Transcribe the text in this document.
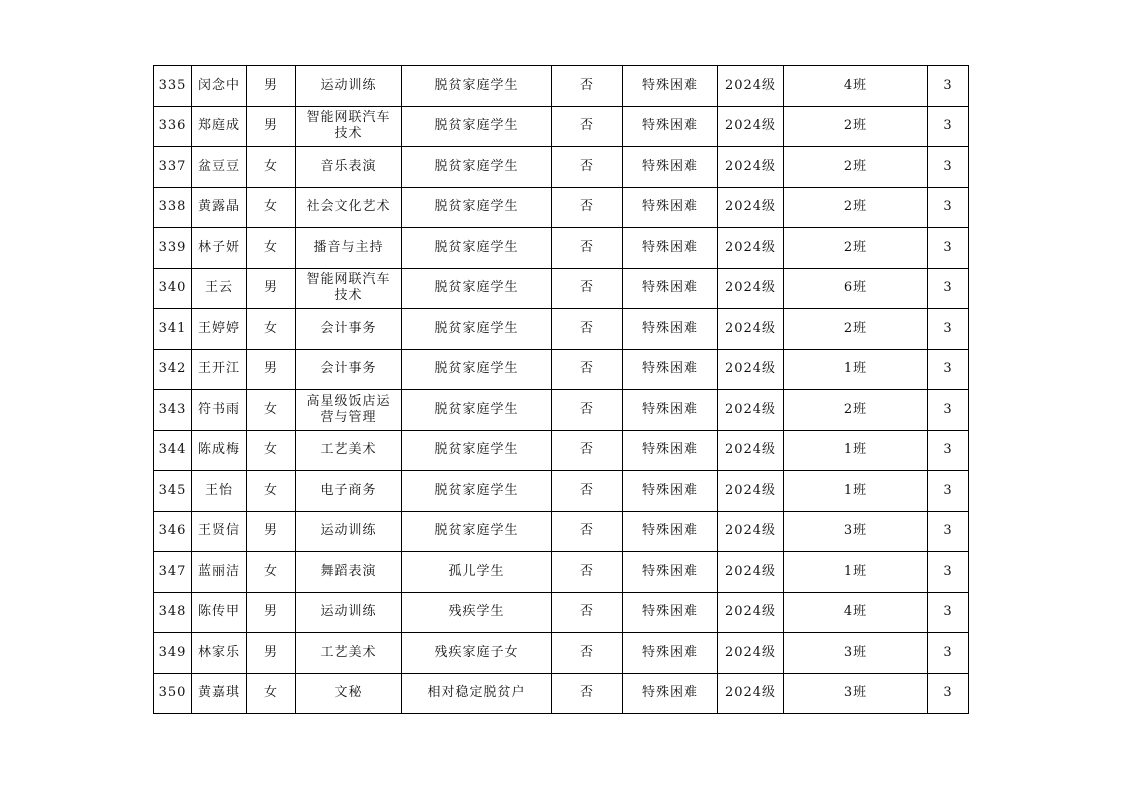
335	闵念中	男	运动训练	脱贫家庭学生	否	特殊困难	2024级	4班	3
336	郑庭成	男	智能网联汽车技术	脱贫家庭学生	否	特殊困难	2024级	2班	3
337	盆豆豆	女	音乐表演	脱贫家庭学生	否	特殊困难	2024级	2班	3
338	黄露晶	女	社会文化艺术	脱贫家庭学生	否	特殊困难	2024级	2班	3
339	林子妍	女	播音与主持	脱贫家庭学生	否	特殊困难	2024级	2班	3
340	王云	男	智能网联汽车技术	脱贫家庭学生	否	特殊困难	2024级	6班	3
341	王婷婷	女	会计事务	脱贫家庭学生	否	特殊困难	2024级	2班	3
342	王开江	男	会计事务	脱贫家庭学生	否	特殊困难	2024级	1班	3
343	符书雨	女	高星级饭店运营与管理	脱贫家庭学生	否	特殊困难	2024级	2班	3
344	陈成梅	女	工艺美术	脱贫家庭学生	否	特殊困难	2024级	1班	3
345	王怡	女	电子商务	脱贫家庭学生	否	特殊困难	2024级	1班	3
346	王贤信	男	运动训练	脱贫家庭学生	否	特殊困难	2024级	3班	3
347	蓝丽洁	女	舞蹈表演	孤儿学生	否	特殊困难	2024级	1班	3
348	陈传甲	男	运动训练	残疾学生	否	特殊困难	2024级	4班	3
349	林家乐	男	工艺美术	残疾家庭子女	否	特殊困难	2024级	3班	3
350	黄嘉琪	女	文秘	相对稳定脱贫户	否	特殊困难	2024级	3班	3
